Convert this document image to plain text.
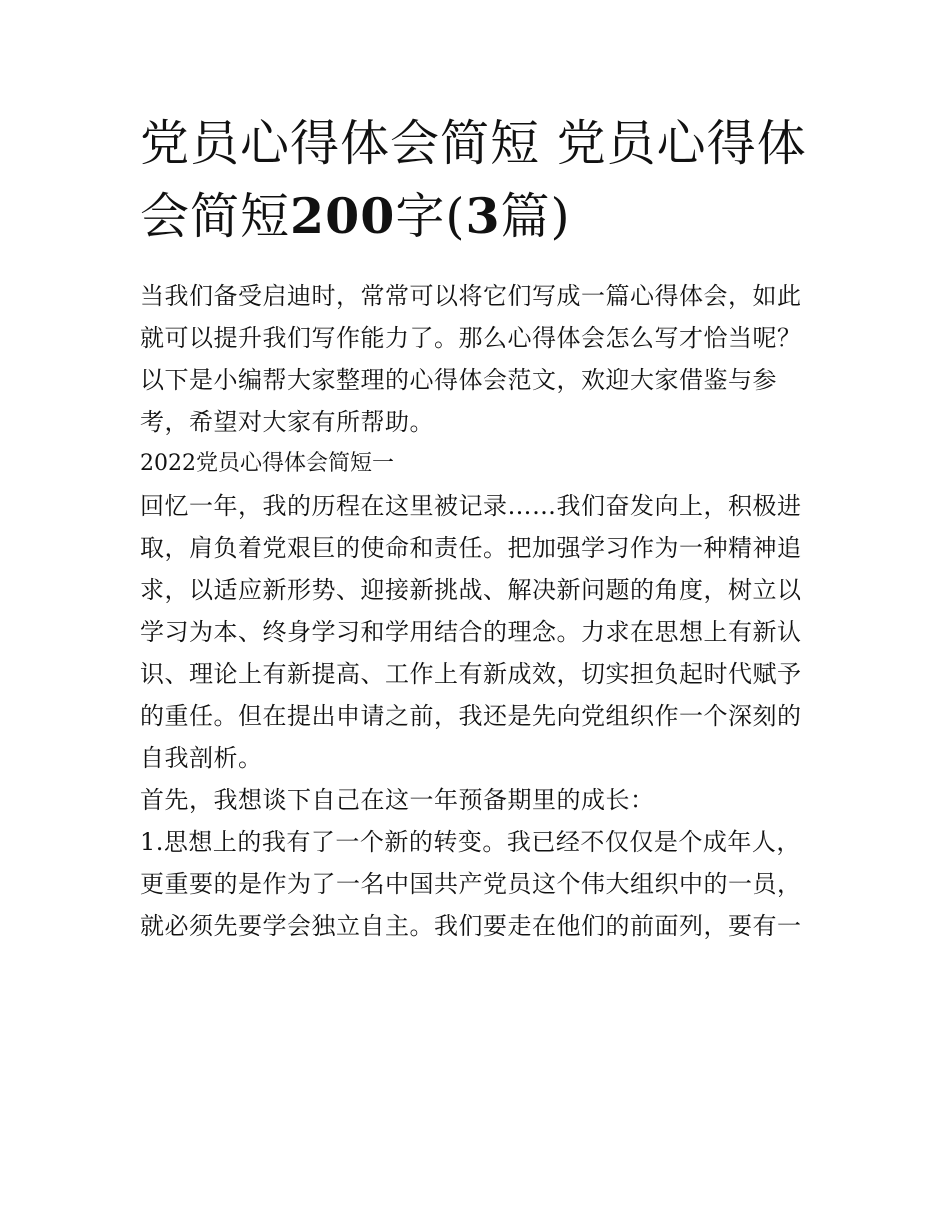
党员心得体会简短 党员心得体会简短200字(3篇)

当我们备受启迪时，常常可以将它们写成一篇心得体会，如此就可以提升我们写作能力了。那么心得体会怎么写才恰当呢？以下是小编帮大家整理的心得体会范文，欢迎大家借鉴与参考，希望对大家有所帮助。

2022党员心得体会简短一

回忆一年，我的历程在这里被记录……我们奋发向上，积极进取，肩负着党艰巨的使命和责任。把加强学习作为一种精神追求，以适应新形势、迎接新挑战、解决新问题的角度，树立以学习为本、终身学习和学用结合的理念。力求在思想上有新认识、理论上有新提高、工作上有新成效，切实担负起时代赋予的重任。但在提出申请之前，我还是先向党组织作一个深刻的自我剖析。

首先，我想谈下自己在这一年预备期里的成长：

1.思想上的我有了一个新的转变。我已经不仅仅是个成年人，更重要的是作为了一名中国共产党员这个伟大组织中的一员，就必须先要学会独立自主。我们要走在他们的前面列，要有一
